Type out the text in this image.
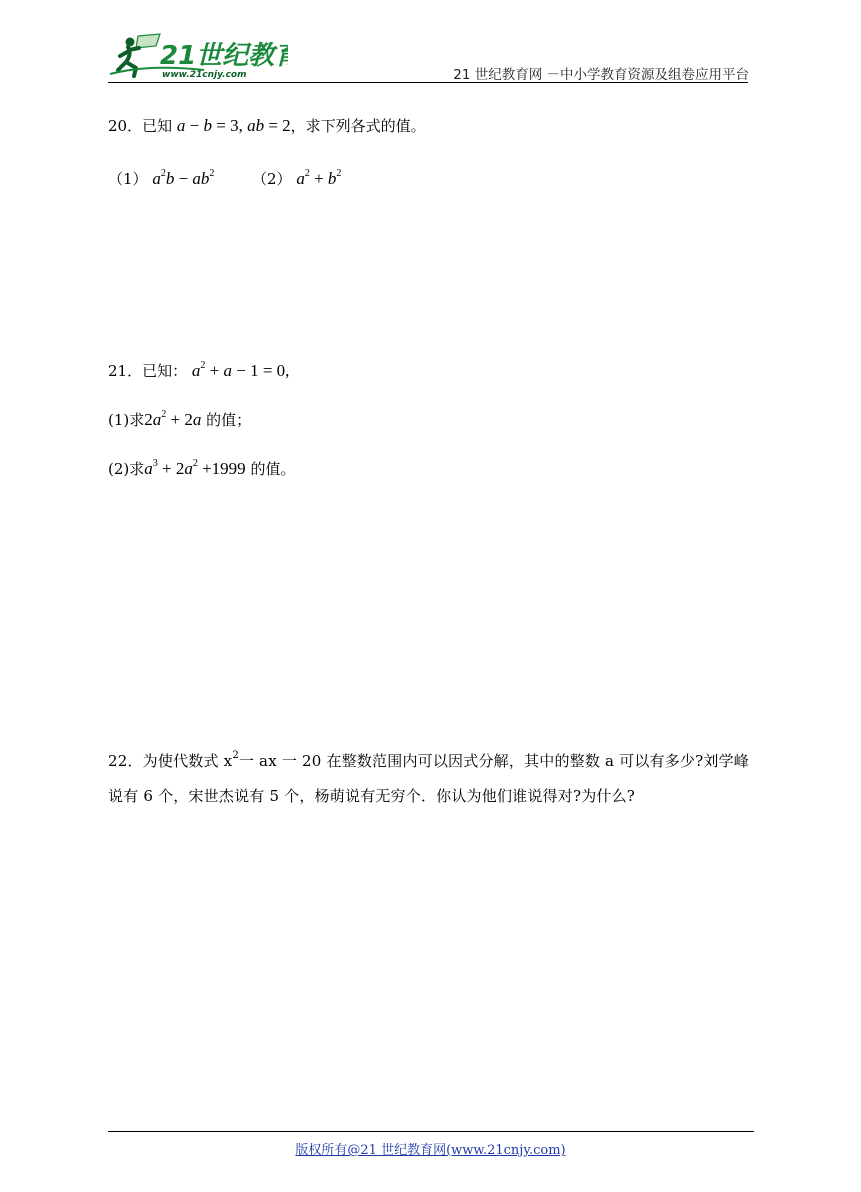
21世纪教育
www.21cnjy.com	21 世纪教育网 －中小学教育资源及组卷应用平台
20．已知 a − b = 3, ab = 2，求下列各式的值。
（1） $a^2b - ab^2$	（2） $a^2 + b^2$
21．已知： $a^2 + a - 1 = 0$,
(1)求$2a^2 + 2a$ 的值；
(2)求$a^3 + 2a^2 +1999$ 的值。
22．为使代数式 $x^2$一 ax 一 20 在整数范围内可以因式分解，其中的整数 a 可以有多少?刘学峰
说有 6 个，宋世杰说有 5 个，杨萌说有无穷个．你认为他们谁说得对?为什么?
版权所有@21 世纪教育网(www.21cnjy.com)
